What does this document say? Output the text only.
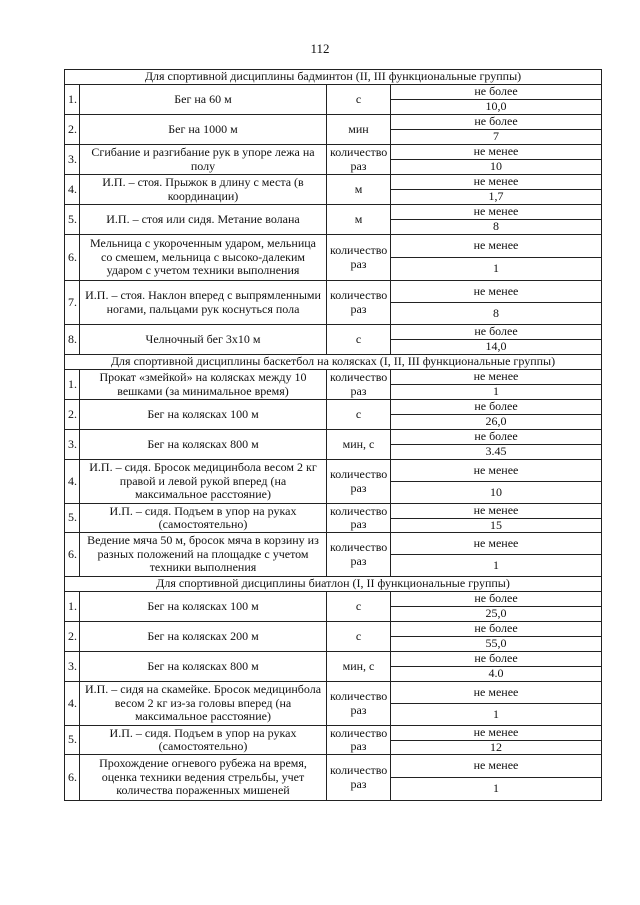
112
Для спортивной дисциплины бадминтон (II, III функциональные группы)			
1.	Бег на 60 м	с	не более
			10,0
2.	Бег на 1000 м	мин	не более
			7
3.	Сгибание и разгибание рук в упоре лежа на полу	количество раз	не менее
			10
4.	И.П. – стоя. Прыжок в длину с места (в координации)	м	не менее
			1,7
5.	И.П. – стоя или сидя. Метание волана	м	не менее
			8
6.	Мельница с укороченным ударом, мельница со смешем, мельница с высоко-далеким ударом с учетом техники выполнения	количество раз	не менее
			1
7.	И.П. – стоя. Наклон вперед с выпрямленными ногами, пальцами рук коснуться пола	количество раз	не менее
			8
8.	Челночный бег 3х10 м	с	не более
			14,0
Для спортивной дисциплины баскетбол на колясках (I, II, III функциональные группы)			
1.	Прокат «змейкой» на колясках между 10 вешками (за минимальное время)	количество раз	не менее
			1
2.	Бег на колясках 100 м	с	не более
			26,0
3.	Бег на колясках 800 м	мин, с	не более
			3.45
4.	И.П. – сидя. Бросок медицинбола весом 2 кг правой и левой рукой вперед (на максимальное расстояние)	количество раз	не менее
			10
5.	И.П. – сидя. Подъем в упор на руках (самостоятельно)	количество раз	не менее
			15
6.	Ведение мяча 50 м, бросок мяча в корзину из разных положений на площадке с учетом техники выполнения	количество раз	не менее
			1
Для спортивной дисциплины биатлон (I, II функциональные группы)			
1.	Бег на колясках 100 м	с	не более
			25,0
2.	Бег на колясках 200 м	с	не более
			55,0
3.	Бег на колясках 800 м	мин, с	не более
			4.0
4.	И.П. – сидя на скамейке. Бросок медицинбола весом 2 кг из-за головы вперед (на максимальное расстояние)	количество раз	не менее
			1
5.	И.П. – сидя. Подъем в упор на руках (самостоятельно)	количество раз	не менее
			12
6.	Прохождение огневого рубежа на время, оценка техники ведения стрельбы, учет количества пораженных мишеней	количество раз	не менее
			1
